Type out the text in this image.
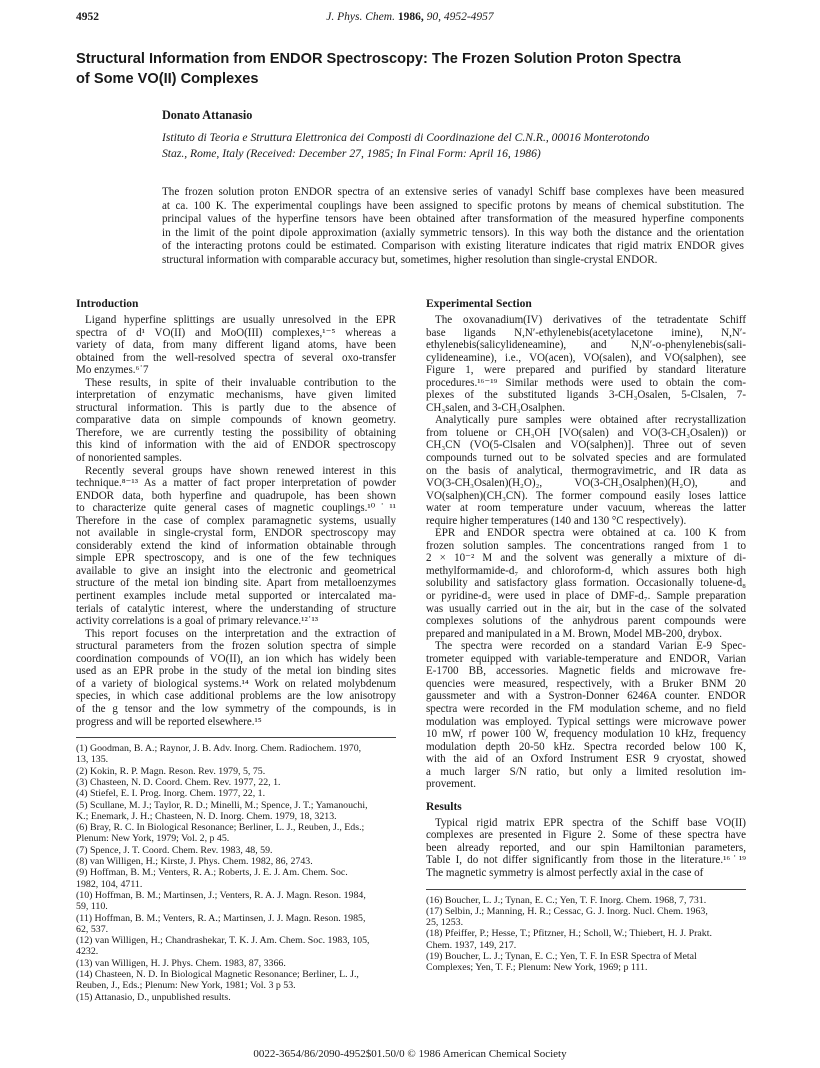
4952	J. Phys. Chem. 1986, 90, 4952-4957
Structural Information from ENDOR Spectroscopy: The Frozen Solution Proton Spectra
of Some VO(II) Complexes

Donato Attanasio

Istituto di Teoria e Struttura Elettronica dei Composti di Coordinazione del C.N.R., 00016 Monterotondo
Staz., Rome, Italy (Received: December 27, 1985; In Final Form: April 16, 1986)

The frozen solution proton ENDOR spectra of an extensive series of vanadyl Schiff base complexes have been measured
at ca. 100 K. The experimental couplings have been assigned to specific protons by means of chemical substitution. The
principal values of the hyperfine tensors have been obtained after transformation of the measured hyperfine components
in the limit of the point dipole approximation (axially symmetric tensors). In this way both the distance and the orientation
of the interacting protons could be estimated. Comparison with existing literature indicates that rigid matrix ENDOR gives
structural information with comparable accuracy but, sometimes, higher resolution than single-crystal ENDOR.
Introduction
Ligand hyperfine splittings are usually unresolved in the EPR
spectra of d¹ VO(II) and MoO(III) complexes,¹⁻⁵ whereas a
variety of data, from many different ligand atoms, have been
obtained from the well-resolved spectra of several oxo-transfer
Mo enzymes.⁶˙7
These results, in spite of their invaluable contribution to the
interpretation of enzymatic mechanisms, have given limited
structural information. This is partly due to the absence of
comparative data on simple compounds of known geometry.
Therefore, we are currently testing the possibility of obtaining
this kind of information with the aid of ENDOR spectroscopy
of nonoriented samples.
Recently several groups have shown renewed interest in this
technique.⁸⁻¹³ As a matter of fact proper interpretation of powder
ENDOR data, both hyperfine and quadrupole, has been shown
to characterize quite general cases of magnetic couplings.¹⁰˙¹¹
Therefore in the case of complex paramagnetic systems, usually
not available in single-crystal form, ENDOR spectroscopy may
considerably extend the kind of information obtainable through
simple EPR spectroscopy, and is one of the few techniques
available to give an insight into the electronic and geometrical
structure of the metal ion binding site. Apart from metalloenzymes
pertinent examples include metal supported or intercalated ma-
terials of catalytic interest, where the understanding of structure
activity correlations is a goal of primary relevance.¹²˙¹³
This report focuses on the interpretation and the extraction of
structural parameters from the frozen solution spectra of simple
coordination compounds of VO(II), an ion which has widely been
used as an EPR probe in the study of the metal ion binding sites
of a variety of biological systems.¹⁴ Work on related molybdenum
species, in which case additional problems are the low anisotropy
of the g tensor and the low symmetry of the compounds, is in
progress and will be reported elsewhere.¹⁵
(1) Goodman, B. A.; Raynor, J. B. Adv. Inorg. Chem. Radiochem. 1970,
13, 135.
(2) Kokin, R. P. Magn. Reson. Rev. 1979, 5, 75.
(3) Chasteen, N. D. Coord. Chem. Rev. 1977, 22, 1.
(4) Stiefel, E. I. Prog. Inorg. Chem. 1977, 22, 1.
(5) Scullane, M. J.; Taylor, R. D.; Minelli, M.; Spence, J. T.; Yamanouchi,
K.; Enemark, J. H.; Chasteen, N. D. Inorg. Chem. 1979, 18, 3213.
(6) Bray, R. C. In Biological Resonance; Berliner, L. J., Reuben, J., Eds.;
Plenum: New York, 1979; Vol. 2, p 45.
(7) Spence, J. T. Coord. Chem. Rev. 1983, 48, 59.
(8) van Willigen, H.; Kirste, J. Phys. Chem. 1982, 86, 2743.
(9) Hoffman, B. M.; Venters, R. A.; Roberts, J. E. J. Am. Chem. Soc.
1982, 104, 4711.
(10) Hoffman, B. M.; Martinsen, J.; Venters, R. A. J. Magn. Reson. 1984,
59, 110.
(11) Hoffman, B. M.; Venters, R. A.; Martinsen, J. J. Magn. Reson. 1985,
62, 537.
(12) van Willigen, H.; Chandrashekar, T. K. J. Am. Chem. Soc. 1983, 105,
4232.
(13) van Willigen, H. J. Phys. Chem. 1983, 87, 3366.
(14) Chasteen, N. D. In Biological Magnetic Resonance; Berliner, L. J.,
Reuben, J., Eds.; Plenum: New York, 1981; Vol. 3 p 53.
(15) Attanasio, D., unpublished results.
Experimental Section
The oxovanadium(IV) derivatives of the tetradentate Schiff
base ligands N,N′-ethylenebis(acetylacetone imine), N,N′-
ethylenebis(salicylideneamine), and N,N′-o-phenylenebis(sali-
cylideneamine), i.e., VO(acen), VO(salen), and VO(salphen), see
Figure 1, were prepared and purified by standard literature
procedures.¹⁶⁻¹⁹ Similar methods were used to obtain the com-
plexes of the substituted ligands 3-CH₃Osalen, 5-Clsalen, 7-
CH₃salen, and 3-CH₃Osalphen.
Analytically pure samples were obtained after recrystallization
from toluene or CH₃OH [VO(salen) and VO(3-CH₃Osalen)) or
CH₃CN (VO(5-Clsalen and VO(salphen)]. Three out of seven
compounds turned out to be solvated species and are formulated
on the basis of analytical, thermogravimetric, and IR data as
VO(3-CH₃Osalen)(H₂O)₂, VO(3-CH₃Osalphen)(H₂O), and
VO(salphen)(CH₃CN). The former compound easily loses lattice
water at room temperature under vacuum, whereas the latter
require higher temperatures (140 and 130 °C respectively).
EPR and ENDOR spectra were obtained at ca. 100 K from
frozen solution samples. The concentrations ranged from 1 to
2 × 10⁻² M and the solvent was generally a mixture of di-
methylformamide-d₇ and chloroform-d, which assures both high
solubility and satisfactory glass formation. Occasionally toluene-d₈
or pyridine-d₅ were used in place of DMF-d₇. Sample preparation
was usually carried out in the air, but in the case of the solvated
complexes solutions of the anhydrous parent compounds were
prepared and manipulated in a M. Brown, Model MB-200, drybox.
The spectra were recorded on a standard Varian E-9 Spec-
trometer equipped with variable-temperature and ENDOR, Varian
E-1700 BB, accessories. Magnetic fields and microwave fre-
quencies were measured, respectively, with a Bruker BNM 20
gaussmeter and with a Systron-Donner 6246A counter. ENDOR
spectra were recorded in the FM modulation scheme, and no field
modulation was employed. Typical settings were microwave power
10 mW, rf power 100 W, frequency modulation 10 kHz, frequency
modulation depth 20-50 kHz. Spectra recorded below 100 K,
with the aid of an Oxford Instrument ESR 9 cryostat, showed
a much larger S/N ratio, but only a limited resolution im-
provement.
Results
Typical rigid matrix EPR spectra of the Schiff base VO(II)
complexes are presented in Figure 2. Some of these spectra have
been already reported, and our spin Hamiltonian parameters,
Table I, do not differ significantly from those in the literature.¹⁶˙¹⁹
The magnetic symmetry is almost perfectly axial in the case of
(16) Boucher, L. J.; Tynan, E. C.; Yen, T. F. Inorg. Chem. 1968, 7, 731.
(17) Selbin, J.; Manning, H. R.; Cessac, G. J. Inorg. Nucl. Chem. 1963,
25, 1253.
(18) Pfeiffer, P.; Hesse, T.; Pfitzner, H.; Scholl, W.; Thiebert, H. J. Prakt.
Chem. 1937, 149, 217.
(19) Boucher, L. J.; Tynan, E. C.; Yen, T. F. In ESR Spectra of Metal
Complexes; Yen, T. F.; Plenum: New York, 1969; p 111.
0022-3654/86/2090-4952$01.50/0 © 1986 American Chemical Society
